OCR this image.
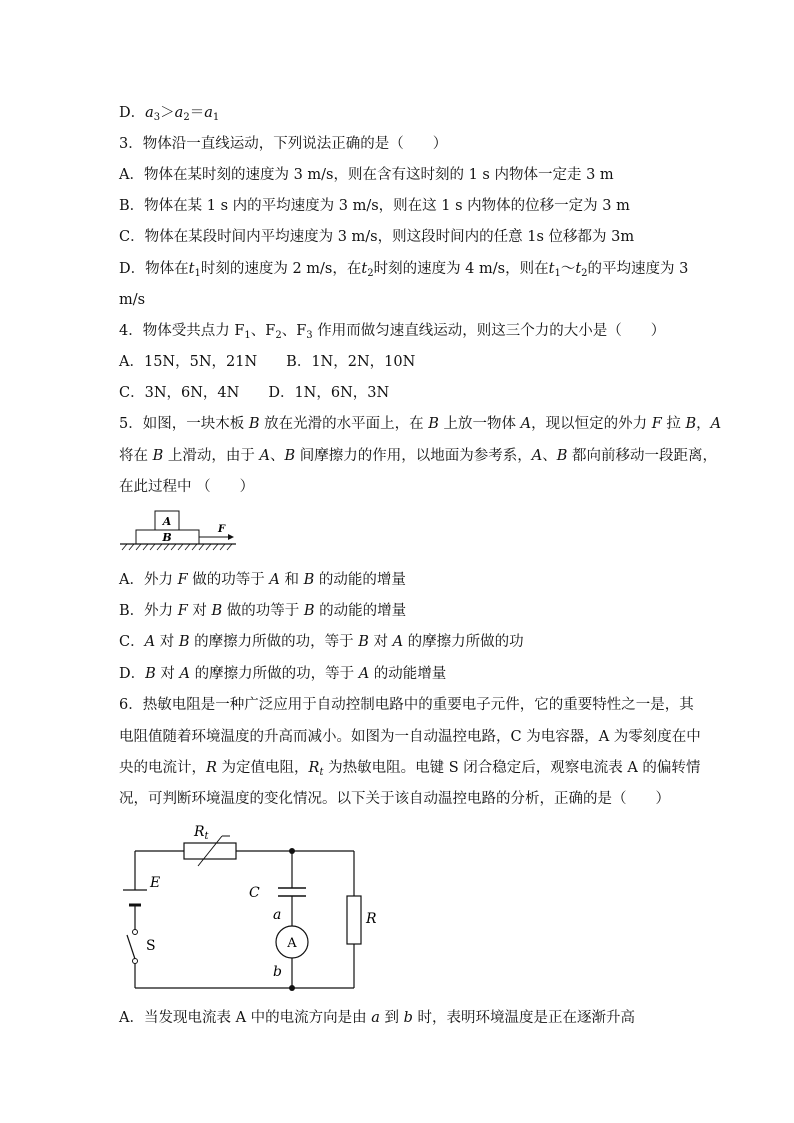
D．$a_3>a_2=a_1$
3．物体沿一直线运动，下列说法正确的是（　　）
A．物体在某时刻的速度为 3 m/s，则在含有这时刻的 1 s 内物体一定走 3 m
B．物体在某 1 s 内的平均速度为 3 m/s，则在这 1 s 内物体的位移一定为 3 m
C．物体在某段时间内平均速度为 3 m/s，则这段时间内的任意 1s 位移都为 3m
D．物体在$t_1$时刻的速度为 2 m/s，在$t_2$时刻的速度为 4 m/s，则在$t_1\sim t_2$的平均速度为 3
m/s
4．物体受共点力 $F_1$、$F_2$、$F_3$ 作用而做匀速直线运动，则这三个力的大小是（　　）
A．15N，5N，21N　　B．1N，2N，10N
C．3N，6N，4N　　D．1N，6N，3N
5．如图，一块木板 B 放在光滑的水平面上，在 B 上放一物体 A，现以恒定的外力 F 拉 B，A
将在 B 上滑动，由于 A、B 间摩擦力的作用，以地面为参考系，A、B 都向前移动一段距离，
在此过程中 （　　）
A
B
F
A．外力 F 做的功等于 A 和 B 的动能的增量
B．外力 F 对 B 做的功等于 B 的动能的增量
C．A 对 B 的摩擦力所做的功，等于 B 对 A 的摩擦力所做的功
D．B 对 A 的摩擦力所做的功，等于 A 的动能增量
6．热敏电阻是一种广泛应用于自动控制电路中的重要电子元件，它的重要特性之一是，其
电阻值随着环境温度的升高而减小。如图为一自动温控电路，C 为电容器，A 为零刻度在中
央的电流计，R 为定值电阻，$R_t$ 为热敏电阻。电键 S 闭合稳定后，观察电流表 A 的偏转情
况，可判断环境温度的变化情况。以下关于该自动温控电路的分析，正确的是（　　）
$R_t$
E
S
C
a
A
b
R
A．当发现电流表 A 中的电流方向是由 a 到 b 时，表明环境温度是正在逐渐升高
